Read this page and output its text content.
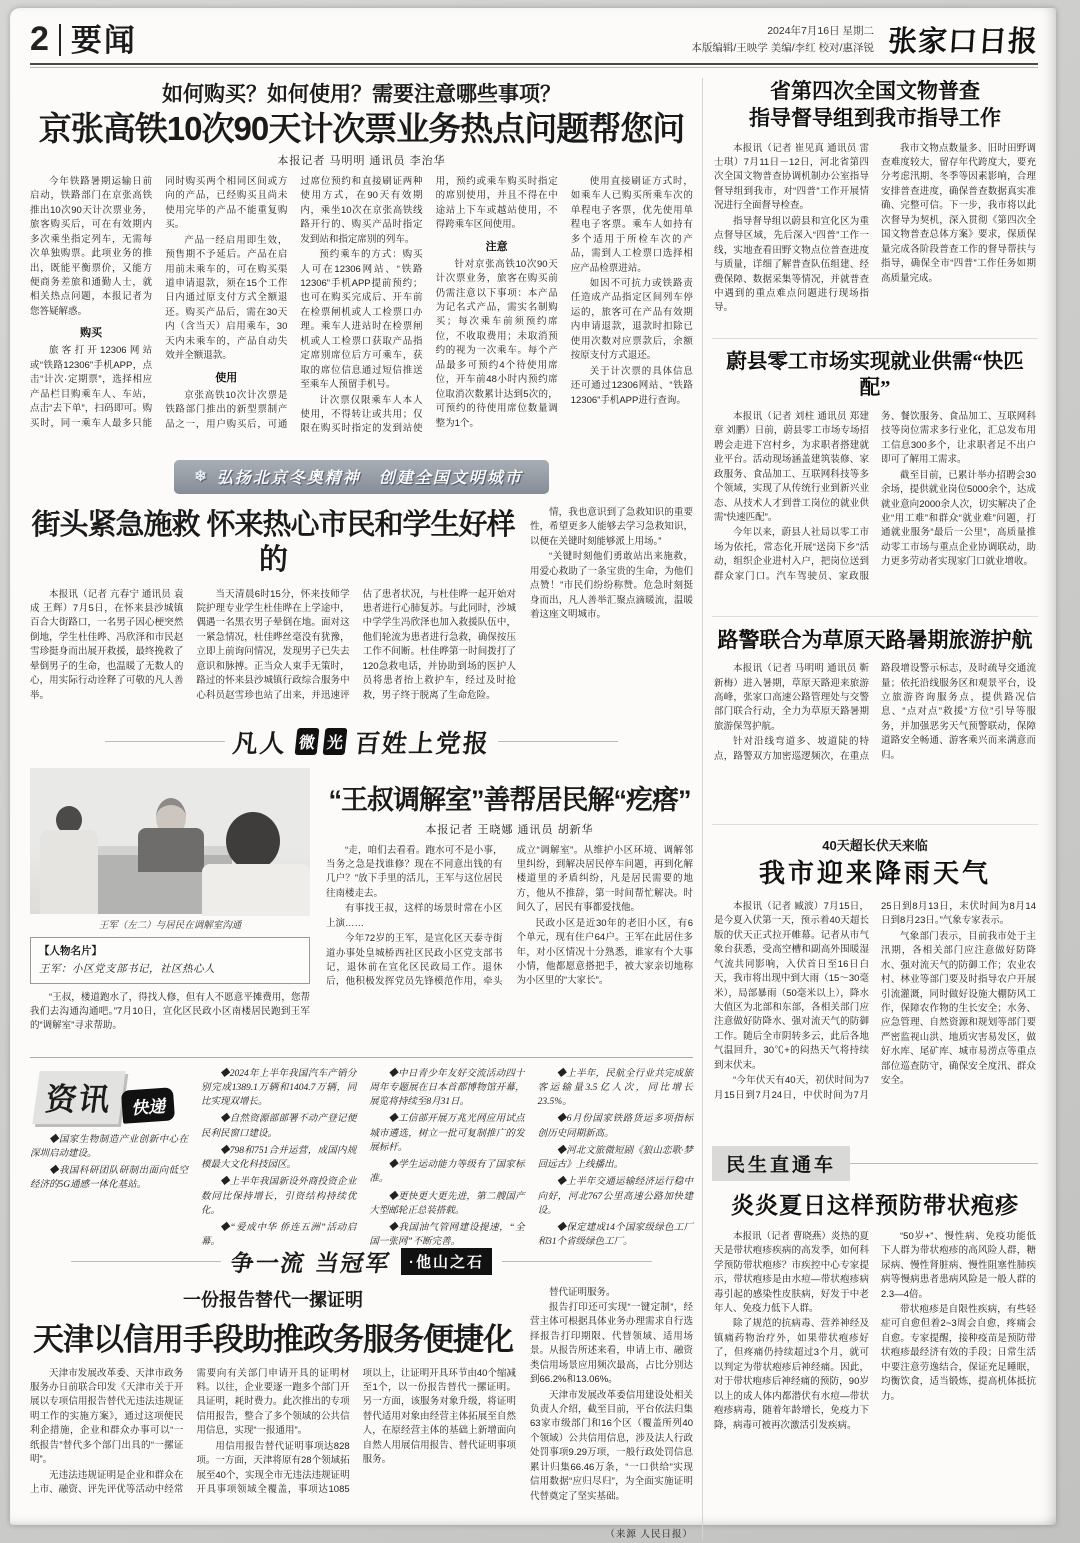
2 要闻	2024年7月16日 星期二
本版编辑/王映学 美编/李红 校对/惠泽锐 张家口日报
如何购买？如何使用？需要注意哪些事项？
京张高铁10次90天计次票业务热点问题帮您问
本报记者 马明明 通讯员 李治华
今年铁路暑期运输日前启动，铁路部门在京张高铁推出10次90天计次票业务，旅客购买后，可在有效期内多次乘坐指定列车，无需每次单独购票。此项业务的推出，既能平衡票价，又能方便商务差旅和通勤人士，就相关热点问题，本报记者为您答疑解惑。
购买
旅客打开12306网站或“铁路12306”手机APP，点击“计次·定期票”，选择相应产品栏目购乘车人、车站，点击“去下单”，扫码即可。购买时，同一乘车人最多只能同时购买两个相同区间或方向的产品，已经购买且尚未使用完毕的产品不能重复购买。
产品一经启用即生效，预售期不予延后。产品在启用前未乘车的，可在购买渠道申请退款，须在15个工作日内通过原支付方式全额退还。购买产品后，需在30天内（含当天）启用乘车，30天内未乘车的，产品自动失效并全额退款。
使用
京张高铁10次计次票是铁路部门推出的新型票制产品之一，用户购买后，可通过席位预约和直接刷证两种使用方式，在90天有效期内，乘坐10次在京张高铁线路开行的、购买产品时指定发到站和指定席别的列车。
预约乘车的方式：购买人可在12306网站、“铁路12306”手机APP提前预约；也可在购买完成后、开车前在检票闸机或人工检票口办理。乘车人进站时在检票闸机或人工检票口获取产品指定席别席位后方可乘车，获取的席位信息通过短信推送至乘车人预留手机号。
计次票仅限乘车人本人使用，不得转让或共用；仅限在购买时指定的发到站使用，预约或乘车购买时指定的席别使用，并且不得在中途站上下车或越站使用，不得跨乘车区间使用。
注意
针对京张高铁10次90天计次票业务，旅客在购买前仍需注意以下事项：本产品为记名式产品，需实名制购买；每次乘车前须预约席位，不收取费用；未取消预约的视为一次乘车。每个产品最多可预约4个待使用席位，开车前48小时内预约席位取消次数累计达到5次的，可预约的待使用席位数量调整为1个。
使用直接刷证方式时，如乘车人已购买所乘车次的单程电子客票，优先使用单程电子客票。乘车人如持有多个适用于所检车次的产品，需到人工检票口选择相应产品检票进站。
如因不可抗力或铁路责任造成产品指定区间列车停运的，旅客可在产品有效期内申请退款，退款时扣除已使用次数对应票款后，余额按原支付方式退还。
关于计次票的具体信息还可通过12306网站、“铁路12306”手机APP进行查询。
❄ 弘扬北京冬奥精神　创建全国文明城市
街头紧急施救 怀来热心市民和学生好样的
本报讯（记者 亢春宁 通讯员 袁成 王辉）7月5日，在怀来县沙城镇百合大街路口，一名男子因心梗突然倒地，学生杜佳晔、冯欣泽和市民赵雪珍挺身而出展开救援，最终挽救了晕倒男子的生命，也温暖了无数人的心，用实际行动诠释了可敬的凡人善举。
当天清晨6时15分，怀来技师学院护理专业学生杜佳晔在上学途中，偶遇一名黑衣男子晕倒在地。面对这一紧急情况，杜佳晔丝毫没有犹豫，立即上前询问情况，发现男子已失去意识和脉搏。正当众人束手无策时，路过的怀来县沙城镇行政综合服务中心科员赵雪珍也站了出来，并迅速评估了患者状况，与杜佳晔一起开始对患者进行心肺复苏。与此同时，沙城中学学生冯欣泽也加入救援队伍中，他们轮流为患者进行急救，确保按压工作不间断。杜佳晔第一时间拨打了120急救电话，并协助到场的医护人员将患者抬上救护车，经过及时抢救，男子终于脱离了生命危险。
情，我也意识到了急救知识的重要性，希望更多人能够去学习急救知识，以便在关键时刻能够派上用场。”
“关键时刻他们勇敢站出来施救，用爱心救助了一条宝贵的生命，为他们点赞！”市民们纷纷称赞。危急时刻挺身而出，凡人善举汇聚点滴暖流，温暖着这座文明城市。
凡人 微 光 百姓上党报
王军（左二）与居民在调解室沟通
【人物名片】
王军：小区党支部书记，社区热心人
“王叔，楼道跑水了，得找人修，但有人不愿意平摊费用，您帮我们去沟通沟通吧。”7月10日，宣化区民政小区南楼居民跑到王军的“调解室”寻求帮助。
“王叔调解室”善帮居民解“疙瘩”
本报记者 王晓娜 通讯员 胡新华
“走，咱们去看看。跑水可不是小事，当务之急是找谁修？现在不同意出钱的有几户？”放下手里的活儿，王军与这位居民往南楼走去。
有事找王叔，这样的场景时常在小区上演……
今年72岁的王军，是宣化区天泰寺街道办事处皇城桥西社区民政小区党支部书记，退休前在宣化区民政局工作。退休后，他积极发挥党员先锋模范作用，牵头成立“调解室”。从维护小区环境、调解邻里纠纷，到解决居民停车问题，再到化解楼道里的矛盾纠纷，凡是居民需要的地方，他从不推辞，第一时间帮忙解决。时间久了，居民有事都爱找他。
民政小区是近30年的老旧小区，有6个单元，现有住户64户。王军在此居住多年，对小区情况十分熟悉，谁家有个大事小情，他都愿意搭把手，被大家亲切地称为小区里的“大家长”。
资讯 快递
◆国家生物制造产业创新中心在深圳启动建设。
◆我国科研团队研制出面向低空经济的5G通感一体化基站。
◆2024年上半年我国汽车产销分别完成1389.1万辆和1404.7万辆，同比实现双增长。
◆自然资源部部署不动产登记便民利民窗口建设。
◆798和751合并运营，成国内规模最大文化科技园区。
◆上半年我国新设外商投资企业数同比保持增长，引资结构持续优化。
◆“爱成中华 侨连五洲”活动启幕。
◆中日青少年友好交流活动四十周年专题展在日本首都博物馆开幕，展览将持续至8月31日。
◆工信部开展万兆光网应用试点城市遴选，树立一批可复制推广的发展标杆。
◆学生运动能力等级有了国家标准。
◆更快更大更先进，第二艘国产大型邮轮正总装搭载。
◆我国油气管网建设提速，“全国一张网”不断完善。
◆上半年，民航全行业共完成旅客运输量3.5亿人次，同比增长23.5%。
◆6月份国家铁路货运多项指标创历史同期新高。
◆河北文旅微短剧《狼山恋歌·梦回远古》上线播出。
◆上半年交通运输经济运行稳中向好，河北767公里高速公路加快建设。
◆保定建成14个国家级绿色工厂和31个省级绿色工厂。
争一流 当冠军	·他山之石
一份报告替代一摞证明
天津以信用手段助推政务服务便捷化
天津市发展改革委、天津市政务服务办日前联合印发《天津市关于开展以专项信用报告替代无违法违规证明工作的实施方案》，通过这项便民利企措施，企业和群众办事可以“一纸报告”替代多个部门出具的“一摞证明”。
无违法违规证明是企业和群众在上市、融资、评先评优等活动中经常需要向有关部门申请开具的证明材料。以往，企业要逐一跑多个部门开具证明，耗时费力。此次推出的专项信用报告，整合了多个领域的公共信用信息，实现“一报通用”。
用信用报告替代证明事项达828项。一方面，天津将原有28个领域拓展至40个，实现全市无违法违规证明开具事项领域全覆盖，事项达1085项以上，让证明开具环节由40个缩减至1个，以一份报告替代一摞证明。另一方面，该服务对象升级，将证明替代适用对象由经营主体拓展至自然人，在原经营主体的基础上新增面向自然人用展信用报告、替代证明事项服务。
替代证明服务。
报告打印还可实现“一键定制”，经营主体可根据具体业务办理需求自行选择报告打印期限、代替领域、适用场景。从报告所述来看，申请上市、融资类信用场景应用频次最高，占比分别达到66.2%和13.06%。
天津市发展改革委信用建设处相关负责人介绍，截至目前，平台依法归集63家市级部门和16个区（覆盖所列40个领域）公共信用信息，涉及法人行政处罚事项9.29万项，一般行政处罚信息累计归集66.46万条，“一口供给”实现信用数据“应归尽归”，为全面实施证明代替奠定了坚实基础。
（来源 人民日报）
省第四次全国文物普查
指导督导组到我市指导工作
本报讯（记者 崔见真 通讯员 雷士琪）7月11日－12日，河北省第四次全国文物普查协调机制办公室指导督导组到我市，对“四普”工作开展情况进行全面督导检查。
指导督导组以蔚县和宣化区为重点督导区域，先后深入“四普”工作一线，实地查看田野文物点位普查进度与质量，详细了解普查队伍组建、经费保障、数据采集等情况，并就普查中遇到的重点难点问题进行现场指导。
我市文物点数量多、旧时田野调查难度较大，留存年代跨度大，要充分考虑汛期、冬季等因素影响，合理安排普查进度，确保普查数据真实准确、完整可信。下一步，我市将以此次督导为契机，深入贯彻《第四次全国文物普查总体方案》要求，保质保量完成各阶段普查工作的督导帮扶与指导，确保全市“四普”工作任务如期高质量完成。
蔚县零工市场实现就业供需“快匹配”
本报讯（记者 刘柱 通讯员 郑建章 刘鹏）日前，蔚县零工市场专场招聘会走进下宫村乡，为求职者搭建就业平台。活动现场涵盖建筑装修、家政服务、食品加工、互联网科技等多个领域，实现了从传统行业到新兴业态、从技术人才到普工岗位的就业供需“快速匹配”。
今年以来，蔚县人社局以零工市场为依托，常态化开展“送岗下乡”活动，组织企业进村入户，把岗位送到群众家门口。汽车驾驶员、家政服务、餐饮服务、食品加工、互联网科技等岗位需求多行业化，汇总发布用工信息300多个，让求职者足不出户即可了解用工需求。
截至目前，已累计举办招聘会30余场，提供就业岗位5000余个，达成就业意向2000余人次，切实解决了企业“用工难”和群众“就业难”问题，打通就业服务“最后一公里”，高质量推动零工市场与重点企业协调联动，助力更多劳动者实现家门口就业增收。
路警联合为草原天路暑期旅游护航
本报讯（记者 马明明 通讯员 靳新梅）进入暑期，草原天路迎来旅游高峰，张家口高速公路管理处与交警部门联合行动，全力为草原天路暑期旅游保驾护航。
针对沿线弯道多、坡道陡的特点，路警双方加密巡逻频次，在重点路段增设警示标志，及时疏导交通流量；依托沿线服务区和观景平台，设立旅游咨询服务点，提供路况信息、“点对点”救援“方位”引导等服务，并加强恶劣天气预警联动，保障道路安全畅通、游客乘兴而来满意而归。
40天超长伏天来临
我市迎来降雨天气
本报讯（记者 臧波）7月15日，是今夏入伏第一天，预示着40天超长版的伏天正式拉开帷幕。记者从市气象台获悉，受高空槽和副高外围暖湿气流共同影响，入伏首日至16日白天，我市将出现中到大雨（15～30毫米），局部暴雨（50毫米以上），降水大值区为北部和东部，各相关部门应注意做好防降水、强对流天气的防御工作。随后全市阴转多云，此后各地气温回升，30℃+的闷热天气将持续到末伏末。
“今年伏天有40天，初伏时间为7月15日到7月24日，中伏时间为7月25日到8月13日，末伏时间为8月14日到8月23日。”气象专家表示。
气象部门表示，目前我市处于主汛期，各相关部门应注意做好防降水、强对流天气的防御工作；农业农村、林业等部门要及时指导农户开展引流灌溉，同时做好设施大棚防风工作，保障农作物的生长安全；水务、应急管理、自然资源和规划等部门要严密监视山洪、地质灾害易发区，做好水库、尾矿库、城市易涝点等重点部位巡查防守，确保安全度汛、群众安全。
民生直通车
炎炎夏日这样预防带状疱疹
本报讯（记者 曹晓燕）炎热的夏天是带状疱疹疾病的高发季，如何科学预防带状疱疹？市疾控中心专家提示，带状疱疹是由水痘—带状疱疹病毒引起的感染性皮肤病，好发于中老年人、免疫力低下人群。
除了规范的抗病毒、营养神经及镇痛药物治疗外，如果带状疱疹好了，但疼痛仍持续超过3个月，就可以判定为带状疱疹后神经痛。因此，对于带状疱疹后神经痛的预防，90岁以上的成人体内都潜伏有水痘—带状疱疹病毒，随着年龄增长，免疫力下降，病毒可被再次激活引发疾病。
“50岁+”、慢性病、免疫功能低下人群为带状疱疹的高风险人群，糖尿病、慢性肾脏病、慢性阻塞性肺疾病等慢病患者患病风险是一般人群的2.3—4倍。
带状疱疹是自限性疾病，有些轻症可自愈但着2~3周会自愈，疼痛会自愈。专家提醒，接种疫苗是预防带状疱疹最经济有效的手段；日常生活中要注意劳逸结合，保证充足睡眠，均衡饮食，适当锻炼，提高机体抵抗力。
